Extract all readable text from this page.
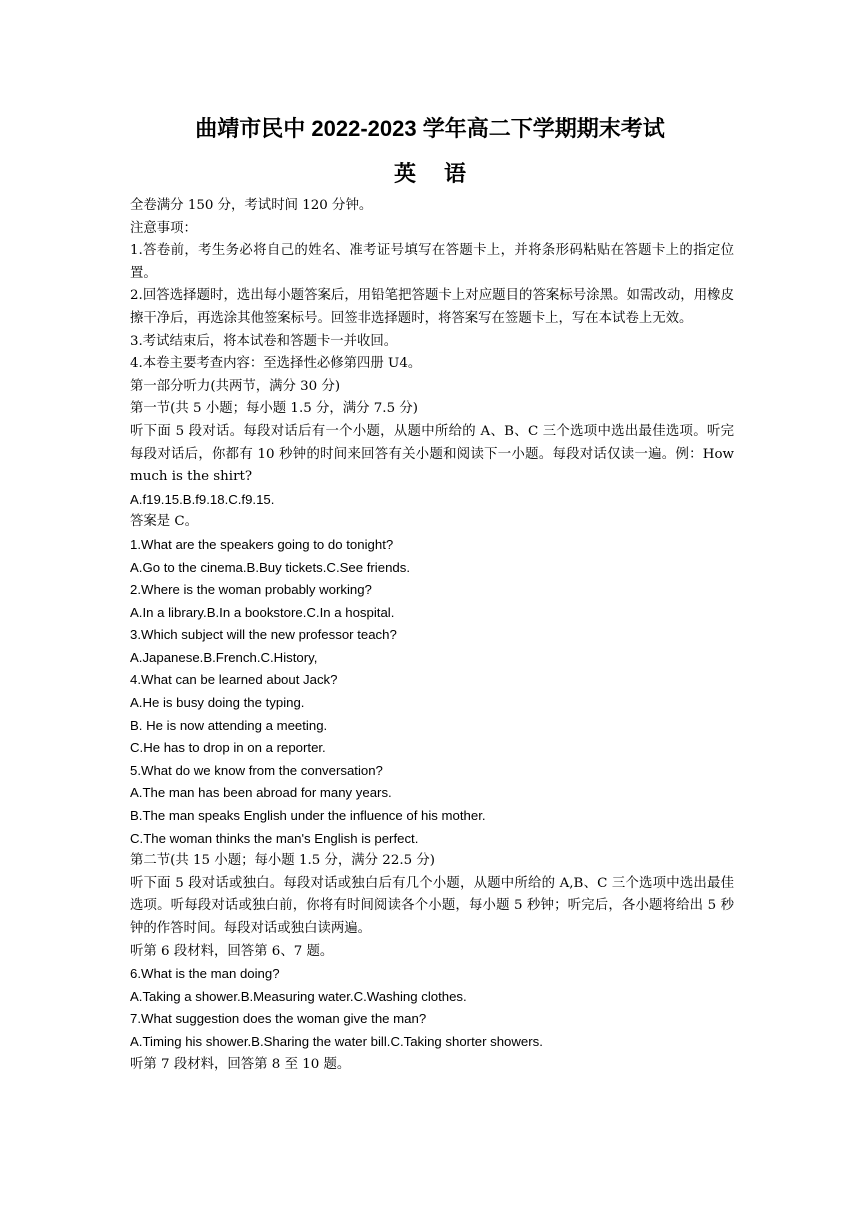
曲靖市民中 2022-2023 学年高二下学期期末考试
英语

全卷满分 150 分，考试时间 120 分钟。

注意事项：

1.答卷前，考生务必将自己的姓名、准考证号填写在答题卡上，并将条形码粘贴在答题卡上的指定位置。

2.回答选择题时，选出每小题答案后，用铅笔把答题卡上对应题目的答案标号涂黑。如需改动，用橡皮擦干净后，再选涂其他签案标号。回签非选择题时，将答案写在签题卡上，写在本试卷上无效。

3.考试结束后，将本试卷和答题卡一并收回。

4.本卷主要考查内容：至选择性必修第四册 U4。

第一部分听力(共两节，满分 30 分)

第一节(共 5 小题；每小题 1.5 分，满分 7.5 分)

听下面 5 段对话。每段对话后有一个小题，从题中所给的 A、B、C 三个选项中选出最佳选项。听完每段对话后，你都有 10 秒钟的时间来回答有关小题和阅读下一小题。每段对话仅读一遍。例：How much is the shirt?

A.f19.15.B.f9.18.C.f9.15.

答案是 C。

1.What are the speakers going to do tonight?

A.Go to the cinema.B.Buy tickets.C.See friends.

2.Where is the woman probably working?

A.In a library.B.In a bookstore.C.In a hospital.

3.Which subject will the new professor teach?

A.Japanese.B.French.C.History,

4.What can be learned about Jack?

A.He is busy doing the typing.

B. He is now attending a meeting.

C.He has to drop in on a reporter.

5.What do we know from the conversation?

A.The man has been abroad for many years.

B.The man speaks English under the influence of his mother.

C.The woman thinks the man's English is perfect.

第二节(共 15 小题；每小题 1.5 分，满分 22.5 分)

听下面 5 段对话或独白。每段对话或独白后有几个小题，从题中所给的 A,B、C 三个选项中选出最佳选项。听每段对话或独白前，你将有时间阅读各个小题，每小题 5 秒钟；听完后，各小题将给出 5 秒钟的作答时间。每段对话或独白读两遍。

听第 6 段材料，回答第 6、7 题。

6.What is the man doing?

A.Taking a shower.B.Measuring water.C.Washing clothes.

7.What suggestion does the woman give the man?

A.Timing his shower.B.Sharing the water bill.C.Taking shorter showers.

听第 7 段材料，回答第 8 至 10 题。
